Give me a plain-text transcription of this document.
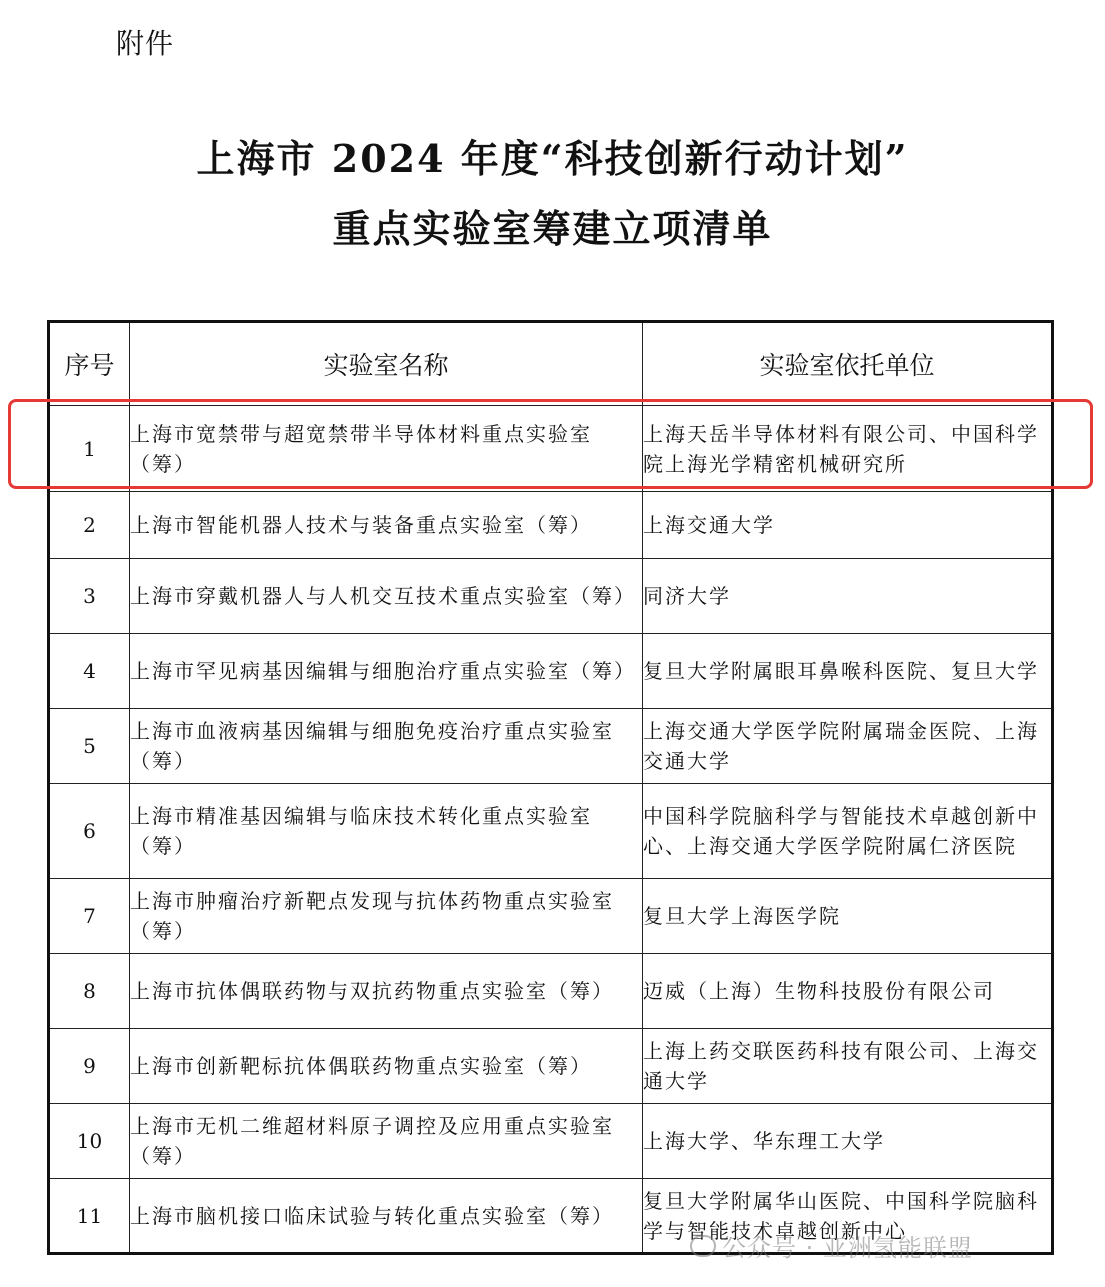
附件
上海市 2024 年度“科技创新行动计划”
重点实验室筹建立项清单
序号	实验室名称	实验室依托单位
1	上海市宽禁带与超宽禁带半导体材料重点实验室（筹）	上海天岳半导体材料有限公司、中国科学院上海光学精密机械研究所
2	上海市智能机器人技术与装备重点实验室（筹）	上海交通大学
3	上海市穿戴机器人与人机交互技术重点实验室（筹）	同济大学
4	上海市罕见病基因编辑与细胞治疗重点实验室（筹）	复旦大学附属眼耳鼻喉科医院、复旦大学
5	上海市血液病基因编辑与细胞免疫治疗重点实验室（筹）	上海交通大学医学院附属瑞金医院、上海交通大学
6	上海市精准基因编辑与临床技术转化重点实验室（筹）	中国科学院脑科学与智能技术卓越创新中心、上海交通大学医学院附属仁济医院
7	上海市肿瘤治疗新靶点发现与抗体药物重点实验室（筹）	复旦大学上海医学院
8	上海市抗体偶联药物与双抗药物重点实验室（筹）	迈威（上海）生物科技股份有限公司
9	上海市创新靶标抗体偶联药物重点实验室（筹）	上海上药交联医药科技有限公司、上海交通大学
10	上海市无机二维超材料原子调控及应用重点实验室（筹）	上海大学、华东理工大学
11	上海市脑机接口临床试验与转化重点实验室（筹）	复旦大学附属华山医院、中国科学院脑科学与智能技术卓越创新中心
公众号 · 亚洲氢能联盟
